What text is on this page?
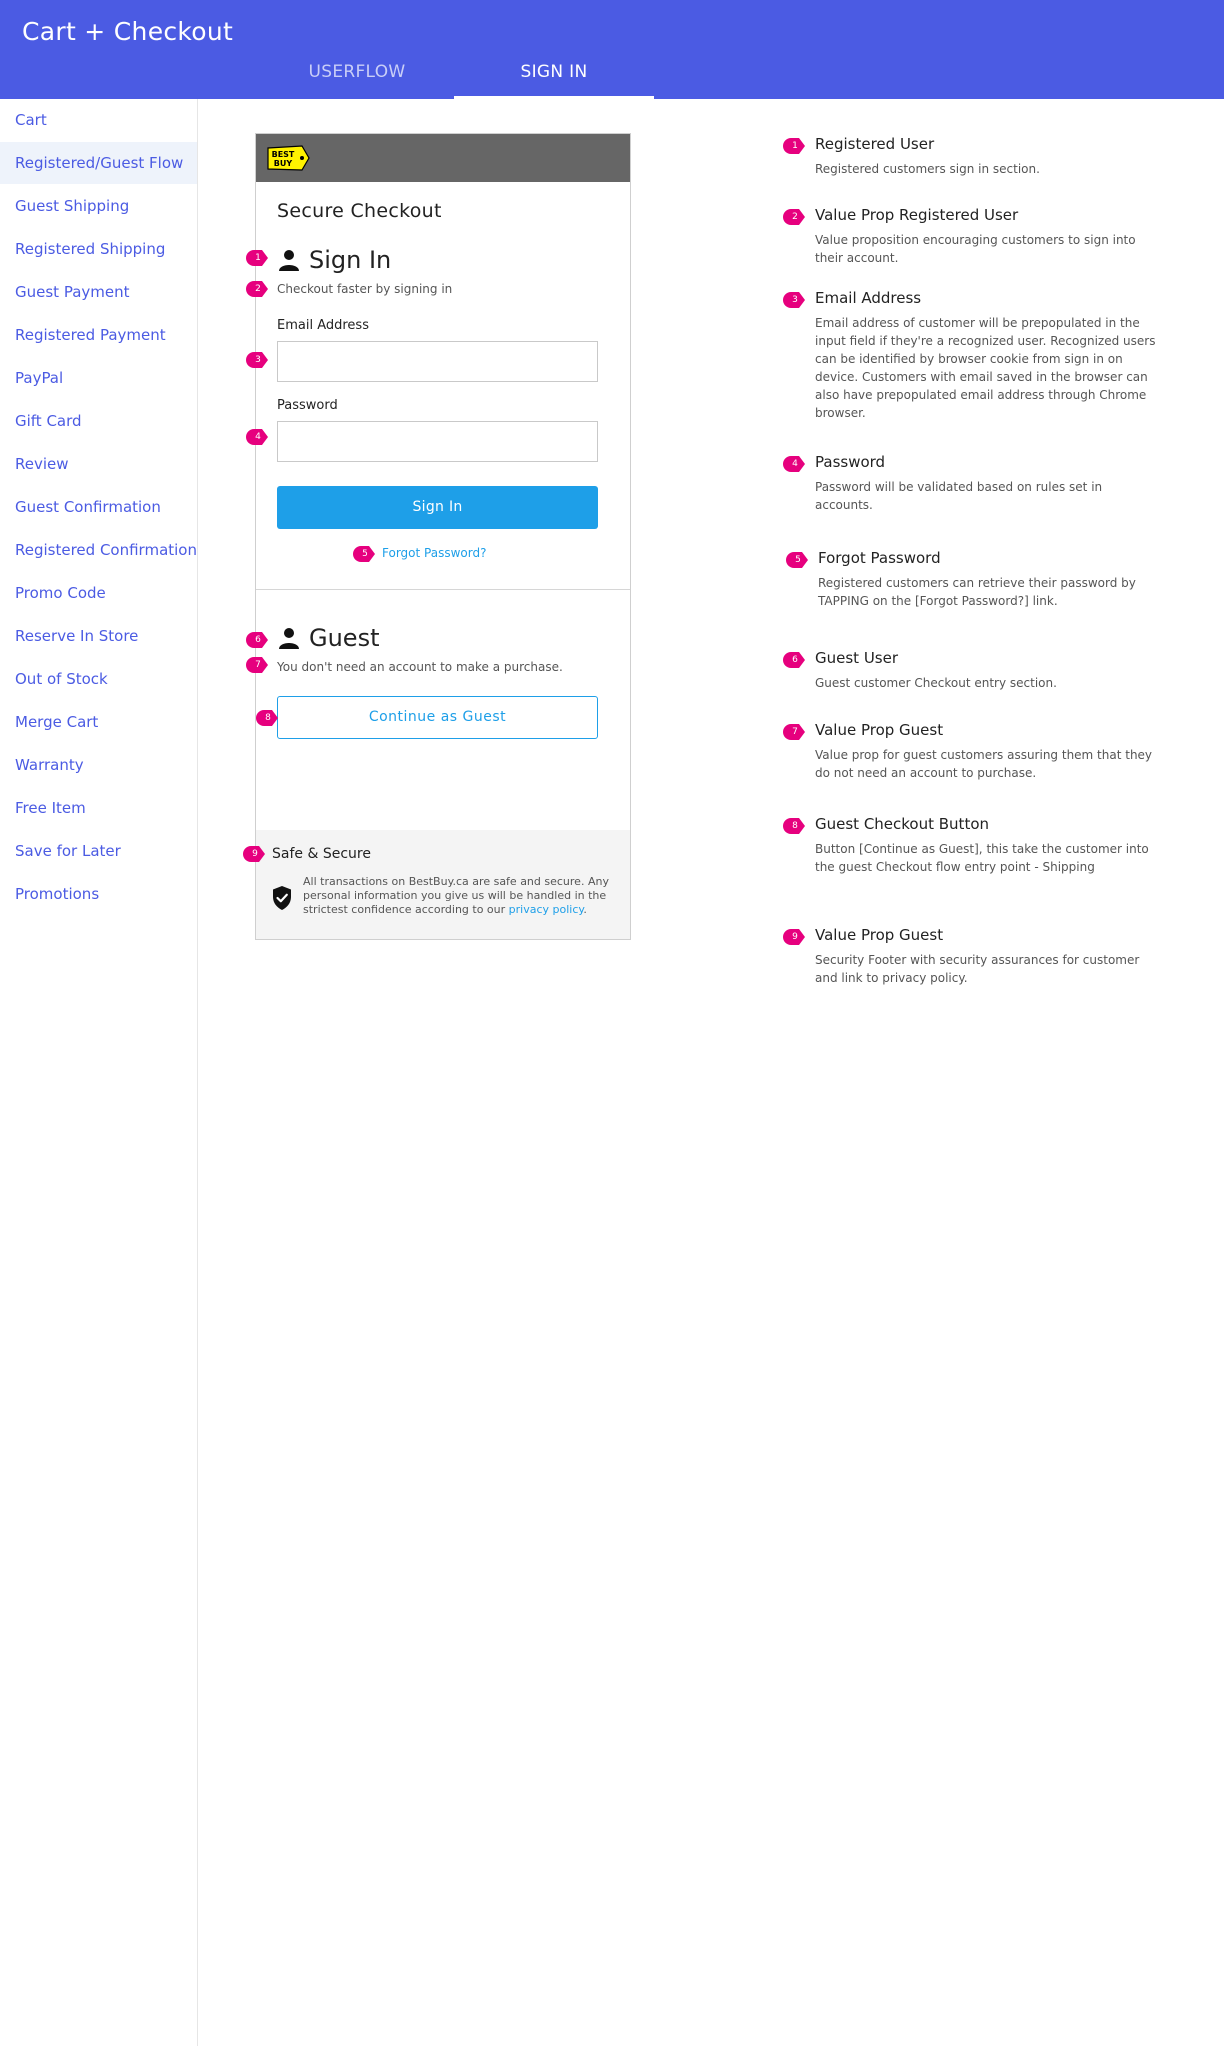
Cart + Checkout
USERFLOW	SIGN IN
Cart
Registered/Guest Flow
Guest Shipping
Registered Shipping
Guest Payment
Registered Payment
PayPal
Gift Card
Review
Guest Confirmation
Registered Confirmation
Promo Code
Reserve In Store
Out of Stock
Merge Cart
Warranty
Free Item
Save for Later
Promotions
BEST
BUY
Secure Checkout
Sign In
Checkout faster by signing in
Email Address
Password
Sign In
Forgot Password?
Guest
You don't need an account to make a purchase.
Continue as Guest
Safe & Secure
All transactions on BestBuy.ca are safe and secure. Any personal information you give us will be handled in the strictest confidence according to our privacy policy.
1
2
3
4
5
6
7
8
9
1	Registered User
Registered customers sign in section.
2	Value Prop Registered User
Value proposition encouraging customers to sign into their account.
3	Email Address
Email address of customer will be prepopulated in the input field if they're a recognized user. Recognized users can be identified by browser cookie from sign in on device. Customers with email saved in the browser can also have prepopulated email address through Chrome browser.
4	Password
Password will be validated based on rules set in accounts.
5	Forgot Password
Registered customers can retrieve their password by TAPPING on the [Forgot Password?] link.
6	Guest User
Guest customer Checkout entry section.
7	Value Prop Guest
Value prop for guest customers assuring them that they do not need an account to purchase.
8	Guest Checkout Button
Button [Continue as Guest], this take the customer into the guest Checkout flow entry point - Shipping
9	Value Prop Guest
Security Footer with security assurances for customer and link to privacy policy.
